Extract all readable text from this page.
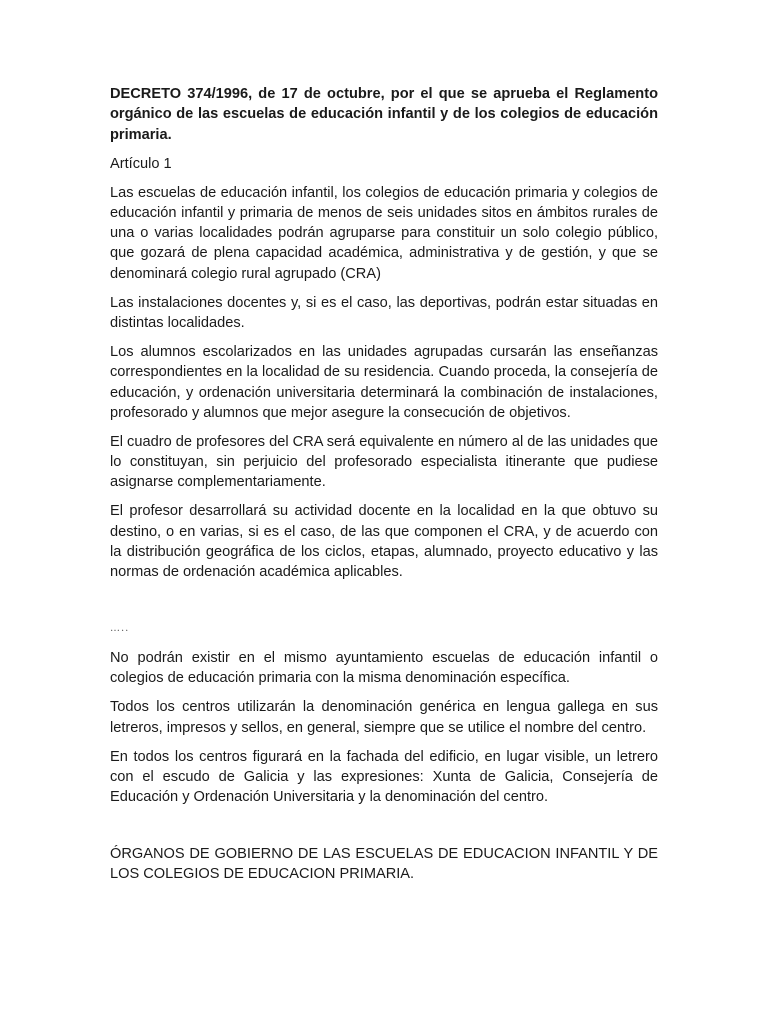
DECRETO 374/1996, de 17 de octubre, por el que se aprueba el Reglamento orgánico de las escuelas de educación infantil y de los colegios de educación primaria.

Artículo 1

Las escuelas de educación infantil, los colegios de educación primaria y colegios de educación infantil y primaria de menos de seis unidades sitos en ámbitos rurales de una o varias localidades podrán agruparse para constituir un solo colegio público, que gozará de plena capacidad académica, administrativa y de gestión, y que se denominará colegio rural agrupado (CRA)

Las instalaciones docentes y, si es el caso, las deportivas, podrán estar situadas en distintas localidades.

Los alumnos escolarizados en las unidades agrupadas cursarán las enseñanzas correspondientes en la localidad de su residencia. Cuando proceda, la consejería de educación, y ordenación universitaria determinará la combinación de instalaciones, profesorado y alumnos que mejor asegure la consecución de objetivos.

El cuadro de profesores del CRA será equivalente en número al de las unidades que lo constituyan, sin perjuicio del profesorado especialista itinerante que pudiese asignarse complementariamente.

El profesor desarrollará su actividad docente en la localidad en la que obtuvo su destino, o en varias, si es el caso, de las que componen el CRA, y de acuerdo con la distribución geográfica de los ciclos, etapas, alumnado, proyecto educativo y las normas de ordenación académica aplicables.

…..

No podrán existir en el mismo ayuntamiento escuelas de educación infantil o colegios de educación primaria con la misma denominación específica.

Todos los centros utilizarán la denominación genérica en lengua gallega en sus letreros, impresos y sellos, en general, siempre que se utilice el nombre del centro.

En todos los centros figurará en la fachada del edificio, en lugar visible, un letrero con el escudo de Galicia y las expresiones: Xunta de Galicia, Consejería de Educación y Ordenación Universitaria y la denominación del centro.

ÓRGANOS DE GOBIERNO DE LAS ESCUELAS DE EDUCACION INFANTIL Y DE LOS COLEGIOS DE EDUCACION PRIMARIA.
